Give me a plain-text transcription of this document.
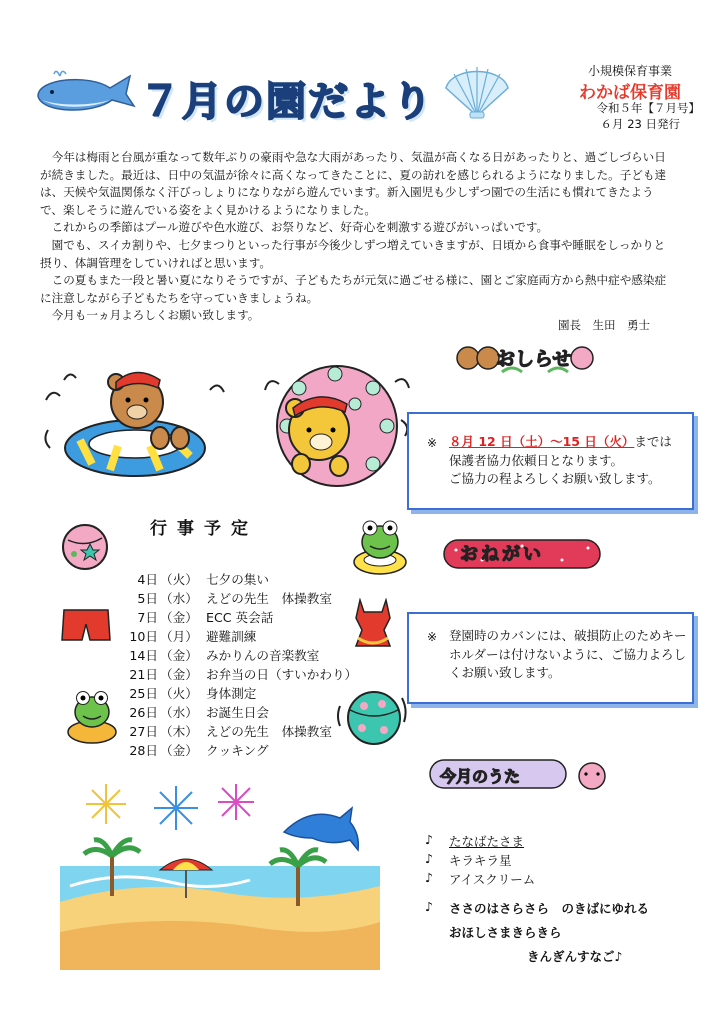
７月の園だより
小規模保育事業
わかば保育園
令和５年【７月号】
６月 23 日発行

今年は梅雨と台風が重なって数年ぶりの豪雨や急な大雨があったり、気温が高くなる日があったりと、過ごしづらい日が続きました。最近は、日中の気温が徐々に高くなってきたことに、夏の訪れを感じられるようになりました。子ども達は、天候や気温関係なく汗びっしょりになりながら遊んでいます。新入園児も少しずつ園での生活にも慣れてきたようで、楽しそうに遊んでいる姿をよく見かけるようになりました。

これからの季節はプール遊びや色水遊び、お祭りなど、好奇心を刺激する遊びがいっぱいです。

園でも、スイカ割りや、七夕まつりといった行事が今後少しずつ増えていきますが、日頃から食事や睡眠をしっかりと摂り、体調管理をしていければと思います。

この夏もまた一段と暑い夏になりそうですが、子どもたちが元気に過ごせる様に、園とご家庭両方から熱中症や感染症に注意しながら子どもたちを守っていきましょうね。

今月も一ヵ月よろしくお願い致します。

園長　生田　勇士
おしらせ
※ ８月 12 日（土）～15 日（火）までは
保護者協力依頼日となります。
ご協力の程よろしくお願い致します。
行事予定
4日 （火） 七夕の集い
5日 （水） えどの先生　体操教室
7日 （金） ECC 英会話
10日 （月） 避難訓練
14日 （金） みかりんの音楽教室
21日 （金） お弁当の日（すいかわり）
25日 （火） 身体測定
26日 （水） お誕生日会
27日 （木） えどの先生　体操教室
28日 （金） クッキング
おねがい
※ 登園時のカバンには、破損防止のためキー
ホルダーは付けないように、ご協力よろし
くお願い致します。
今月のうた
♪ たなばたさま
♪ キラキラ星
♪ アイスクリーム
♪ ささのはさらさら　のきばにゆれる
おほしさまきらきら
きんぎんすなご♪
